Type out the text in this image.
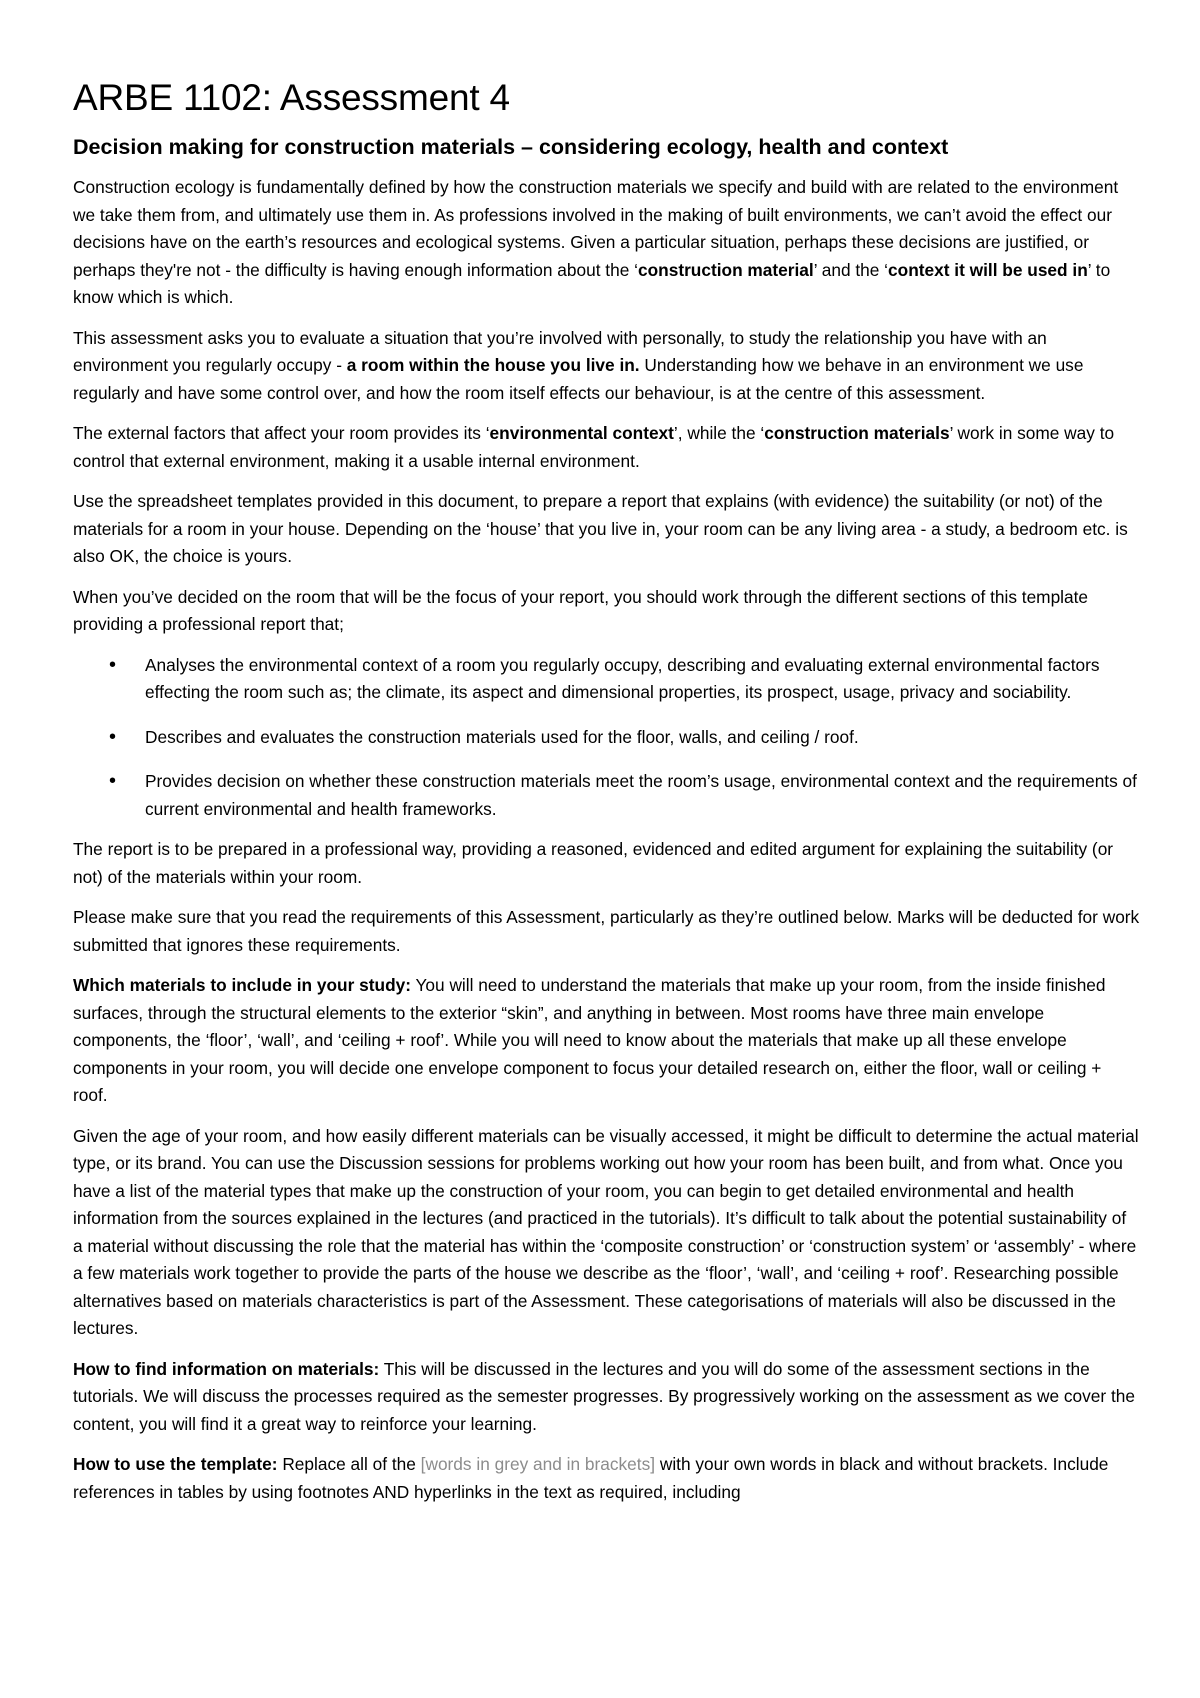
ARBE 1102: Assessment 4
Decision making for construction materials – considering ecology, health and context

Construction ecology is fundamentally defined by how the construction materials we specify and build with are related to the environment we take them from, and ultimately use them in. As professions involved in the making of built environments, we can’t avoid the effect our decisions have on the earth’s resources and ecological systems. Given a particular situation, perhaps these decisions are justified, or perhaps they're not - the difficulty is having enough information about the ‘construction material’ and the ‘context it will be used in’ to know which is which.

This assessment asks you to evaluate a situation that you’re involved with personally, to study the relationship you have with an environment you regularly occupy - a room within the house you live in. Understanding how we behave in an environment we use regularly and have some control over, and how the room itself effects our behaviour, is at the centre of this assessment.

The external factors that affect your room provides its ‘environmental context’, while the ‘construction materials’ work in some way to control that external environment, making it a usable internal environment.

Use the spreadsheet templates provided in this document, to prepare a report that explains (with evidence) the suitability (or not) of the materials for a room in your house. Depending on the ‘house’ that you live in, your room can be any living area - a study, a bedroom etc. is also OK, the choice is yours.

When you’ve decided on the room that will be the focus of your report, you should work through the different sections of this template providing a professional report that;

• Analyses the environmental context of a room you regularly occupy, describing and evaluating external environmental factors effecting the room such as; the climate, its aspect and dimensional properties, its prospect, usage, privacy and sociability.
• Describes and evaluates the construction materials used for the floor, walls, and ceiling / roof.
• Provides decision on whether these construction materials meet the room’s usage, environmental context and the requirements of current environmental and health frameworks.

The report is to be prepared in a professional way, providing a reasoned, evidenced and edited argument for explaining the suitability (or not) of the materials within your room.

Please make sure that you read the requirements of this Assessment, particularly as they’re outlined below. Marks will be deducted for work submitted that ignores these requirements.

Which materials to include in your study: You will need to understand the materials that make up your room, from the inside finished surfaces, through the structural elements to the exterior “skin”, and anything in between. Most rooms have three main envelope components, the ‘floor’, ‘wall’, and ‘ceiling + roof’. While you will need to know about the materials that make up all these envelope components in your room, you will decide one envelope component to focus your detailed research on, either the floor, wall or ceiling + roof.

Given the age of your room, and how easily different materials can be visually accessed, it might be difficult to determine the actual material type, or its brand. You can use the Discussion sessions for problems working out how your room has been built, and from what. Once you have a list of the material types that make up the construction of your room, you can begin to get detailed environmental and health information from the sources explained in the lectures (and practiced in the tutorials). It’s difficult to talk about the potential sustainability of a material without discussing the role that the material has within the ‘composite construction’ or ‘construction system’ or ‘assembly’ - where a few materials work together to provide the parts of the house we describe as the ‘floor’, ‘wall’, and ‘ceiling + roof’. Researching possible alternatives based on materials characteristics is part of the Assessment. These categorisations of materials will also be discussed in the lectures.

How to find information on materials: This will be discussed in the lectures and you will do some of the assessment sections in the tutorials. We will discuss the processes required as the semester progresses. By progressively working on the assessment as we cover the content, you will find it a great way to reinforce your learning.

How to use the template: Replace all of the [words in grey and in brackets] with your own words in black and without brackets. Include references in tables by using footnotes AND hyperlinks in the text as required, including
